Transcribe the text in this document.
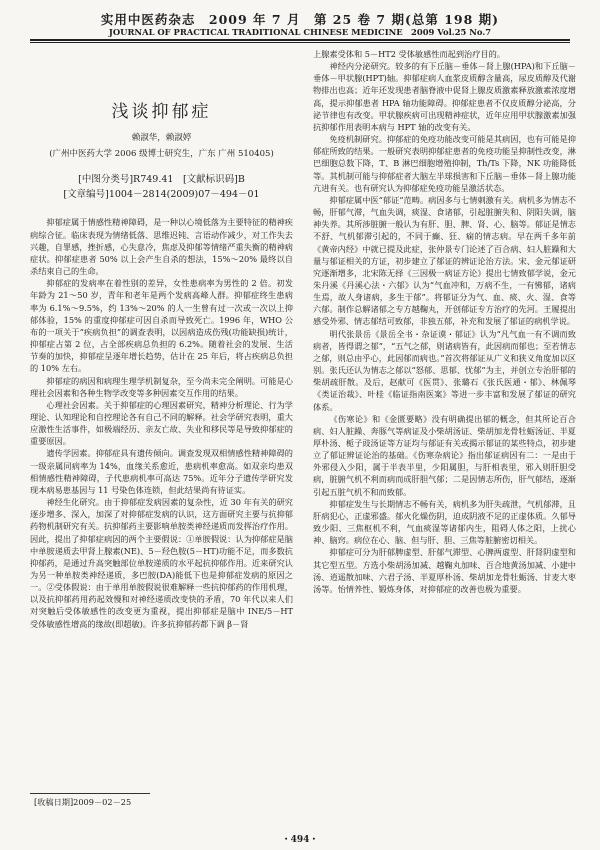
实用中医药杂志　2009 年 7 月　第 25 卷 7 期(总第 198 期)
JOURNAL OF PRACTICAL TRADITIONAL CHINESE MEDICINE　2009 Vol.25 No.7
浅谈抑郁症
赖淑华，赖淑婷
(广州中医药大学 2006 级博士研究生，广东 广州 510405)
[中图分类号]R749.41　[文献标识码]B
[文章编号]1004－2814(2009)07－494－01

抑郁症属于情感性精神障碍，是一种以心境低落为主要特征的精神疾病综合征。临床表现为情绪低落、思维迟钝、言语动作减少，对工作失去兴趣，自罪感，挫折感，心失意冷，焦虑及抑郁等情绪严重失衡的精神病症状。抑郁症患者 50% 以上会产生自杀的想法，15%～20% 最终以自杀结束自己的生命。

抑郁症的发病率在着性别的差异，女性患病率为男性的 2 倍。初发年龄为 21～50 岁，青年和老年是两个发病高峰人群。抑郁症终生患病率为 6.1%～9.5%，约 13%～20% 的人一生曾有过一次或一次以上抑郁体验，15% 的重度抑郁症可因自杀而导致死亡。1996 年，WHO 公布的一项关于“疾病负担”的调查表明，以因病造成伤残(功能缺损)统计，抑郁症占第 2 位，占全部疾病总负担的 6.2%。随着社会的发展、生活节奏的加快，抑郁症呈逐年增长趋势，估计在 25 年后，将占疾病总负担的 10% 左右。

抑郁症的病因和病理生理学机制复杂，至今尚未完全阐明。可能是心理社会因素和各种生物学改变等多种因素交互作用的结果。

心理社会因素。关于抑郁症的心理因素研究，精神分析理论、行为学理论、认知理论和自控理论各有自己不同的解释。社会学研究表明，重大应激性生活事件，如极端经历、亲友亡故、失业和移民等是导致抑郁症的重要原因。

遗传学因素。抑郁症具有遗传倾向。调查发现双相情感性精神障碍的一级亲属同病率为 14%，血缘关系愈近，患病机率愈高。如双亲均患双相情感性精神障碍，子代患病机率可高达 75%。近年分子遗传学研究发现本病易患基因与 11 号染色体连锁，但此结果尚有待证实。

神经生化研究。由于抑郁症发病因素的复杂性，近 30 年有关的研究逐步增多、深入，加深了对抑郁症发病的认识，这方面研究主要与抗抑郁药物机制研究有关。抗抑郁药主要影响单胺类神经递质而发挥治疗作用。因此，提出了抑郁症病因的两个主要假说：①单胺假说：认为抑郁症是脑中单胺递质去甲肾上腺素(NE)、5－羟色胺(5－HT)功能不足，而多数抗抑郁药，是通过升高突触部位单胺递质的水平起抗抑郁作用。近来研究认为另一种单胺类神经递质，多巴胺(DA)能低下也是抑郁症发病的原因之一。②受体假说：由于单用单胺假说很难解释一些抗抑郁药的作用机理，以及抗抑郁药用药起效慢和对神经递质改变快的矛盾，70 年代以来人们对突触后受体敏感性的改变更为重视，提出抑郁症是脑中 INE/5－HT 受体敏感性增高的缘故(即超敏)。许多抗抑郁药都下调 β－肾

上腺素受体和 5－HT2 受体敏感性而起到治疗目的。

神经内分泌研究。较多的有下丘脑－垂体－肾上腺(HPA)和下丘脑－垂体－甲状腺(HPT)轴。抑郁症病人血浆皮质醇含量高，尿皮质醇及代谢物排出也高；近年还发现患者脑脊液中促肾上腺皮质激素释放激素浓度增高，提示抑郁患者 HPA 轴功能障碍。抑郁症患者不仅皮质醇分泌高，分泌节律也有改变。甲状腺疾病可出现精神症状，近年应用甲状腺激素加强抗抑郁作用表明本病与 HPT 轴的改变有关。

免疫机制研究。抑郁症的免疫功能改变可能是其病因，也有可能是抑郁症所致的结果。一般研究表明抑郁症患者的免疫功能呈抑制性改变，淋巴细胞总数下降，T、B 淋巴细胞增殖抑制，Th/Ts 下降，NK 功能降低等。其机制可能与抑郁症者大脑左半球损害和下丘脑－垂体－肾上腺功能亢进有关。也有研究认为抑郁症免疫功能呈激活状态。

抑郁症属中医“郁证”范畴。病因多与七情刺激有关。病机多为情志不畅，肝郁气滞，气血失调，痰湿、食诸郁，引起脏腑失和、阴阳失调，脑神失养。其所涉脏腑一般认为有肝、胆、脾、肾、心、脑等。郁证是情志不舒、气机郁滞引起的，不同于癫、狂、痫的情志病。早在两千多年前《黄帝内经》中就已提及此症，张仲景专门论述了百合病、妇人脏躁和大量与郁证相关的方证，初步建立了郁证的辨证论治方法。宋、金元郁证研究逐渐增多，北宋陈无择《三因极一病证方论》提出七情致郁学说，金元朱丹溪《丹溪心法・六郁》认为“气血冲和，万病不生，一有怫郁，诸病生焉，故人身诸病，多生于郁”。将郁证分为气、血、痰、火、湿、食等六郁。制作总解诸郁之专方越鞠丸，开创郁证专方治疗的先河。王履提出感受外邪、情志郁结可致郁，非独五郁，补充和发展了郁证的病机学说。

明代张景岳《景岳全书・杂证谟・郁证》认为“凡气血一有不调而致病者，皆得谓之郁”，“五气之郁，则诸病皆有，此因病而郁也；至若情志之郁，则总由乎心，此因郁而病也。”首次将郁证从广义和狭义角度加以区别。张氏还认为情志之郁以“怒郁、思郁、忧郁”为主，并创立专治肝郁的柴胡疏肝散。及后，赵献可《医贯》、张璐石《张氏医通・郁》、林佩琴《类证治裁》、叶桂《临证指南医案》等进一步丰富和发展了郁证的研究体系。

《伤寒论》和《金匮要略》没有明确提出郁的概念，但其所论百合病、妇人脏躁、奔豚气等病证及小柴胡汤证、柴胡加龙骨牡蛎汤证、半夏厚朴汤、栀子豉汤证等方证均与郁证有关或揭示郁证的某些特点，初步建立了郁证辨证论治的基础。《伤寒杂病论》指出郁证病因有二：一是由于外邪侵入少阳，属于半表半里，少阳属胆，与肝相表里，邪入则肝胆受病，脏腑气机不利而病而成肝胆气郁；二是因情志所伤，肝气郁结，逐渐引起五脏气机不和而致郁。

抑郁症发生与长期情志不畅有关，病机多为肝失疏泄，气机郁滞，且肝病犯心，正虚邪盛。郁火化燥伤阴，迫成阴液不足的正虚体质。久郁导致少阳、三焦枢机不利，气血痰湿等诸郁内生，阻碍人体之阳，上扰心神、脑窍。病位在心、脑、但与肝、胆、三焦等脏腑密切相关。

抑郁症可分为肝郁脾虚型、肝郁气滞型、心脾两虚型、肝肾阴虚型和其它型五型。方选小柴胡汤加减、越鞠丸加味、百合地黄汤加减、小建中汤、逍遥散加味、六君子汤、半夏厚朴汤、柴胡加龙骨牡蛎汤、甘麦大枣汤等。怡情养性、锻炼身体，对抑郁症的改善也极为重要。

[收稿日期]2009－02－25
・494・
